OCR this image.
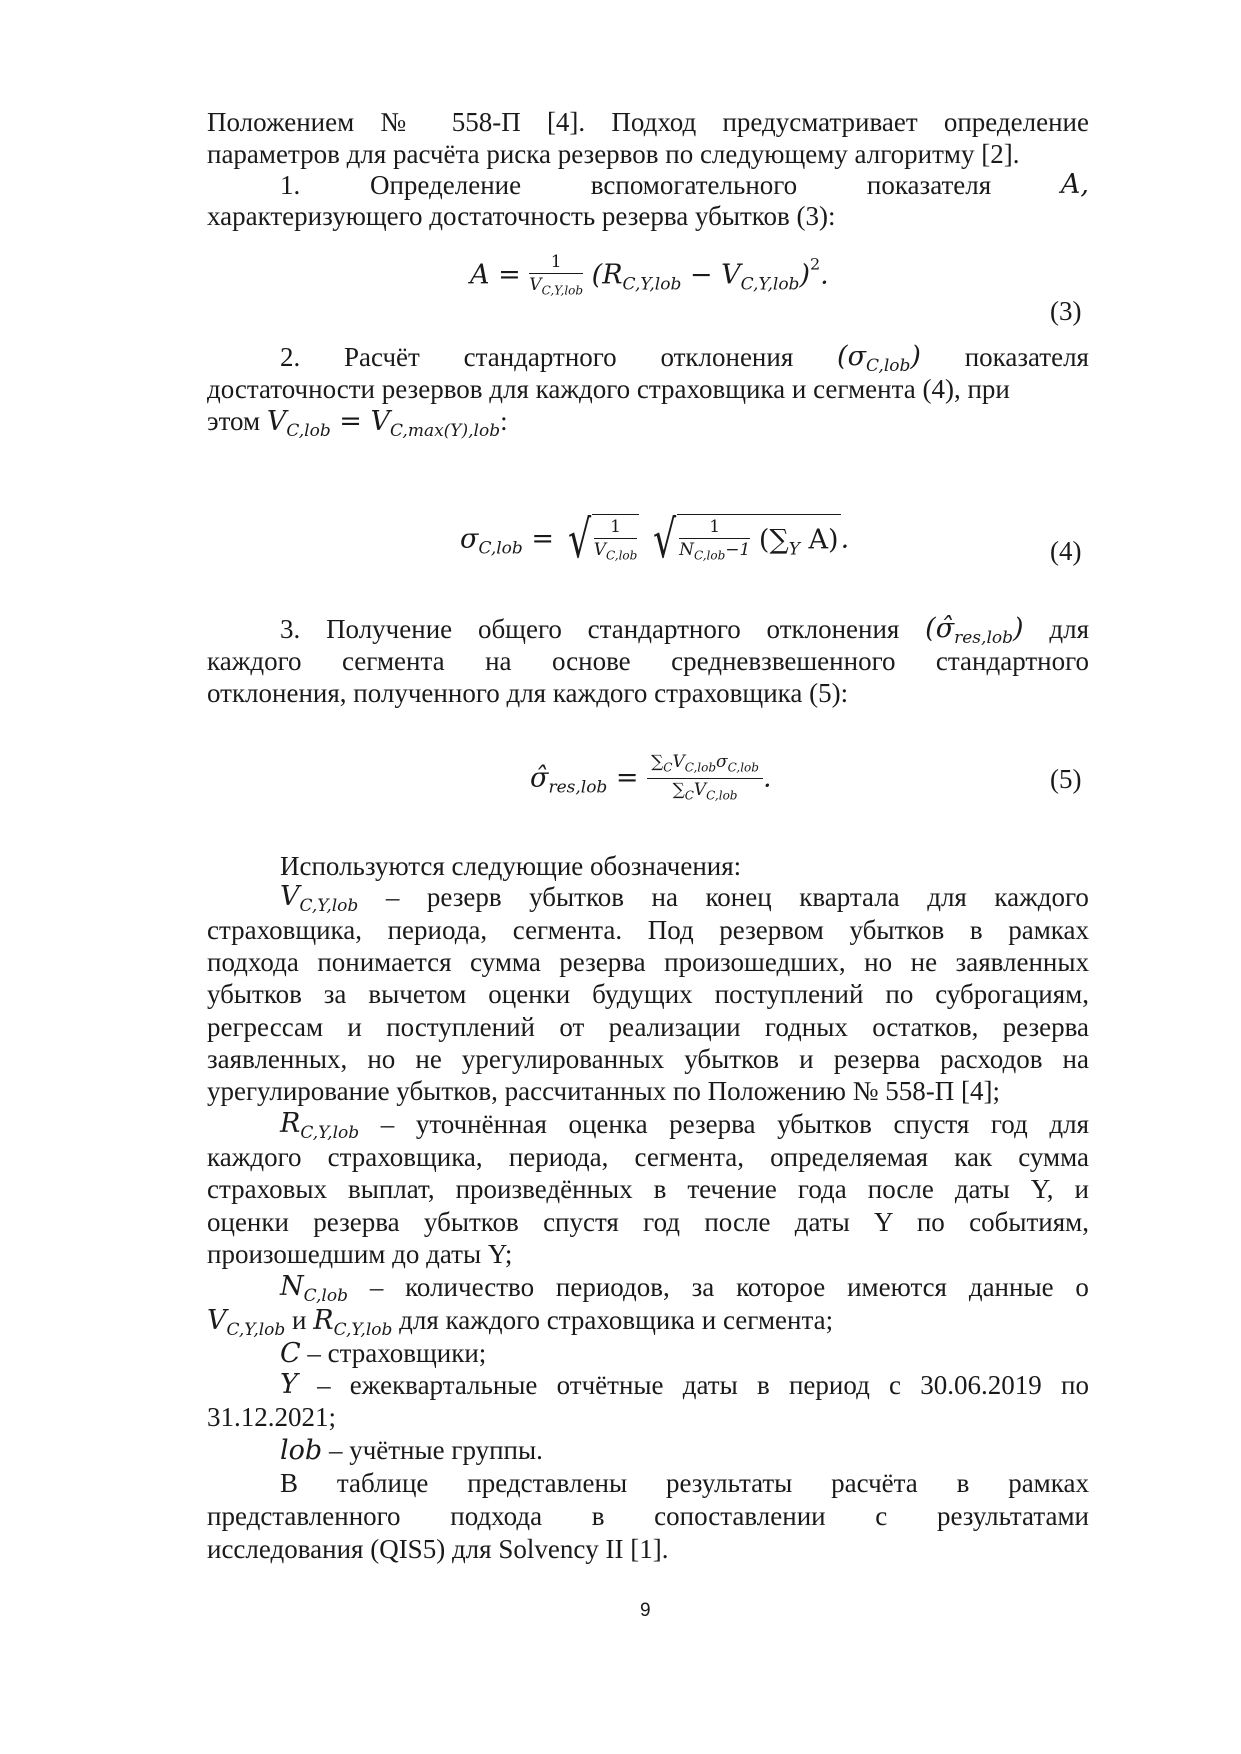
Положением № 558-П [4]. Подход предусматривает определение
параметров для расчёта риска резервов по следующему алгоритму [2].
1.	Определение	вспомогательного	показателя	A,
характеризующего достаточность резерва убытков (3):
$A = \frac{1}{V_{C,Y,lob}} (R_{C,Y,lob} - V_{C,Y,lob})^2$.
(3)
2. Расчёт стандартного отклонения $(\sigma_{C,lob})$ показателя
достаточности резервов для каждого страховщика и сегмента (4), при
этом $V_{C,lob} = V_{C,max(Y),lob}$:
$\sigma_{C,lob}$ = √ $\frac{1}{V_{C,lob}}$ √ $\frac{1}{N_{C,lob}-1} (\sum_Y$ A).	(4)
3. Получение общего стандартного отклонения $(\sigmâ_{res,lob})$ для
каждого сегмента на основе средневзвешенного стандартного
отклонения, полученного для каждого страховщика (5):
$\sigmâ_{res,lob} = \frac{\sum_CV_{C,lob}\sigma_{C,lob}}{\sum_CV_{C,lob}}$ .	(5)
Используются следующие обозначения:
$V_{C,Y,lob}$ – резерв убытков на конец квартала для каждого
страховщика, периода, сегмента. Под резервом убытков в рамках
подхода понимается сумма резерва произошедших, но не заявленных
убытков за вычетом оценки будущих поступлений по суброгациям,
регрессам и поступлений от реализации годных остатков, резерва
заявленных, но не урегулированных убытков и резерва расходов на
урегулирование убытков, рассчитанных по Положению № 558-П [4];
$R_{C,Y,lob}$ – уточнённая оценка резерва убытков спустя год для
каждого страховщика, периода, сегмента, определяемая как сумма
страховых выплат, произведённых в течение года после даты Y, и
оценки резерва убытков спустя год после даты Y по событиям,
произошедшим до даты Y;
$N_{C,lob}$ – количество периодов, за которое имеются данные о
$V_{C,Y,lob}$ и $R_{C,Y,lob}$ для каждого страховщика и сегмента;
C – страховщики;
Y – ежеквартальные отчётные даты в период с 30.06.2019 по
31.12.2021;
lob – учётные группы.
В таблице представлены результаты расчёта в рамках
представленного подхода в сопоставлении с результатами
исследования (QIS5) для Solvency II [1].
9
